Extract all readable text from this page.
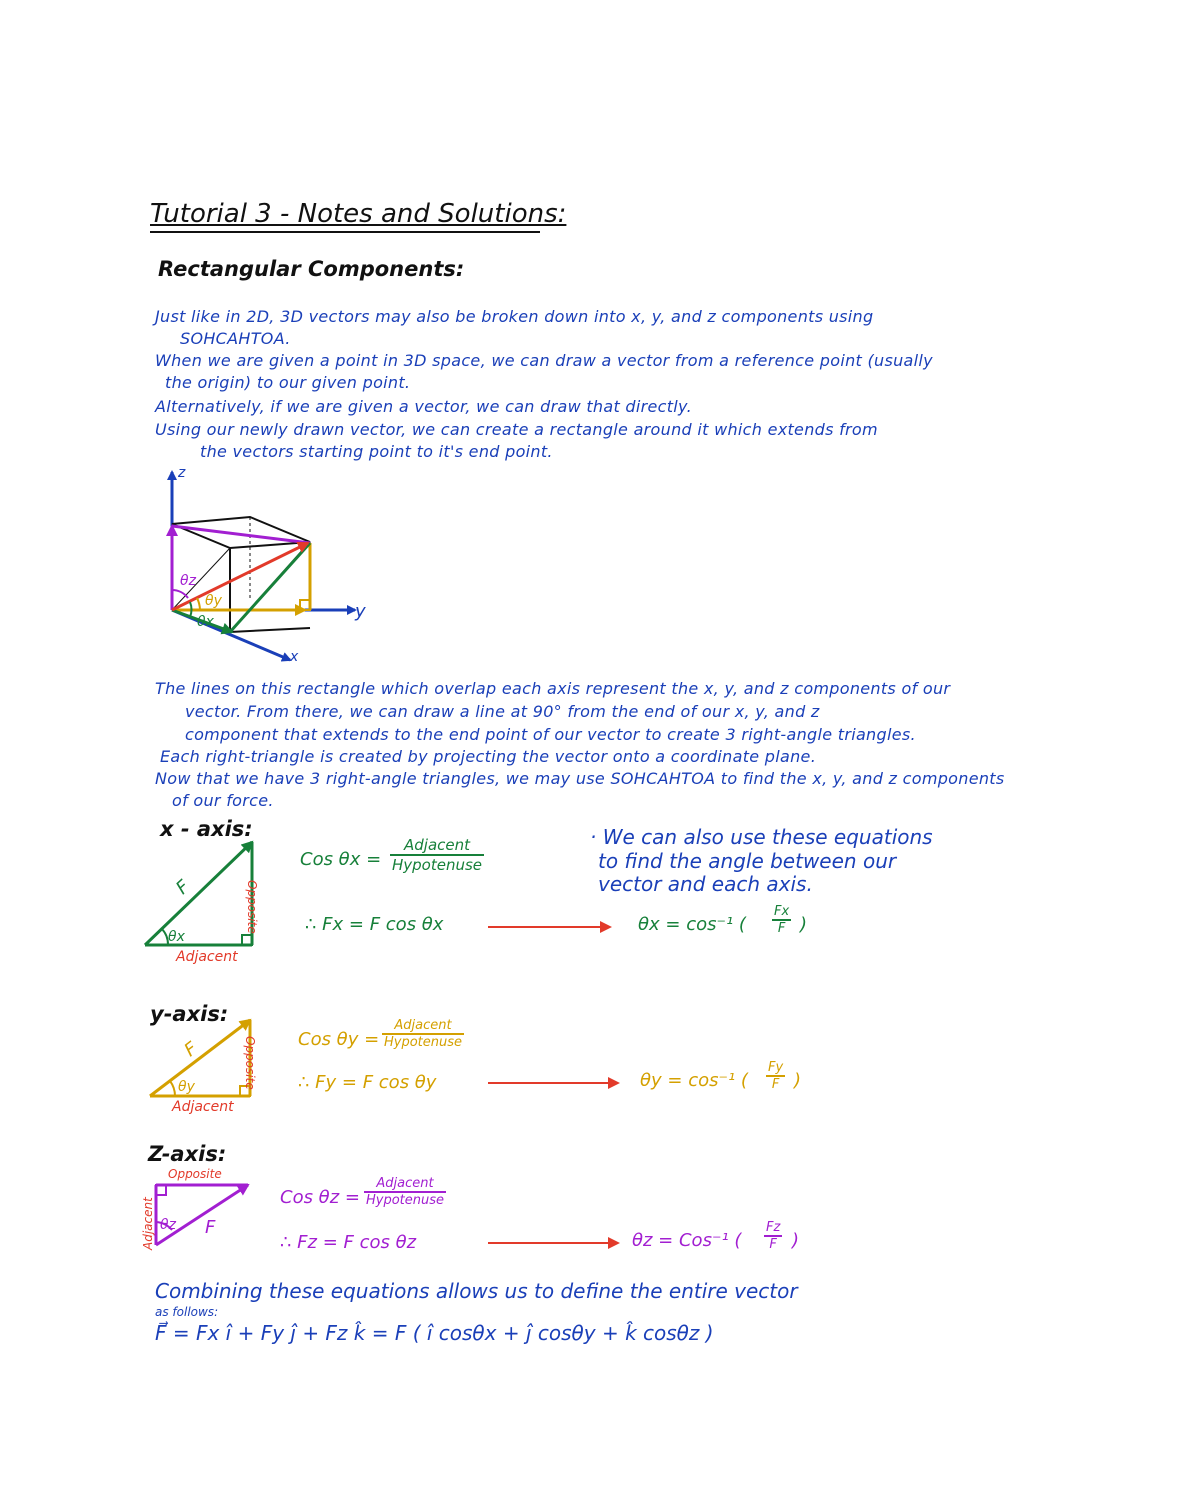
Tutorial 3 - Notes and Solutions:
Rectangular Components:
Just like in 2D, 3D vectors may also be broken down into x, y, and z components using
SOHCAHTOA.
When we are given a point in 3D space, we can draw a vector from a reference point (usually
the origin) to our given point.
Alternatively, if we are given a vector, we can draw that directly.
Using our newly drawn vector, we can create a rectangle around it which extends from
the vectors starting point to it's end point.
z
y
x
θz
θy
θx
The lines on this rectangle which overlap each axis represent the x, y, and z components of our
vector. From there, we can draw a line at 90° from the end of our x, y, and z
component that extends to the end point of our vector to create 3 right-angle triangles.
Each right-triangle is created by projecting the vector onto a coordinate plane.
Now that we have 3 right-angle triangles, we may use SOHCAHTOA to find the x, y, and z components
of our force.
x - axis:
F	Opposite
Adjacent
θx
Cos θx =
Adjacent
Hypotenuse
∴ Fx = F cos θx	θx = cos⁻¹ ( $\frac{Fx}{F}$ )
· We can also use these equations
to find the angle between our
vector and each axis.
y-axis:
F	Opposite
Adjacent
θy
Cos θy =
Adjacent
Hypotenuse
∴ Fy = F cos θy	θy = cos⁻¹ ( $\frac{Fy}{F}$ )
Z-axis:
Opposite
Adjacent	F
θz
Cos θz =
Adjacent
Hypotenuse
∴ Fz = F cos θz	θz = Cos⁻¹ ( $\frac{Fz}{F}$ )
Combining these equations allows us to define the entire vector
as follows:
F⃗ = Fx î + Fy ĵ + Fz k̂ = F ( î cosθx + ĵ cosθy + k̂ cosθz )
